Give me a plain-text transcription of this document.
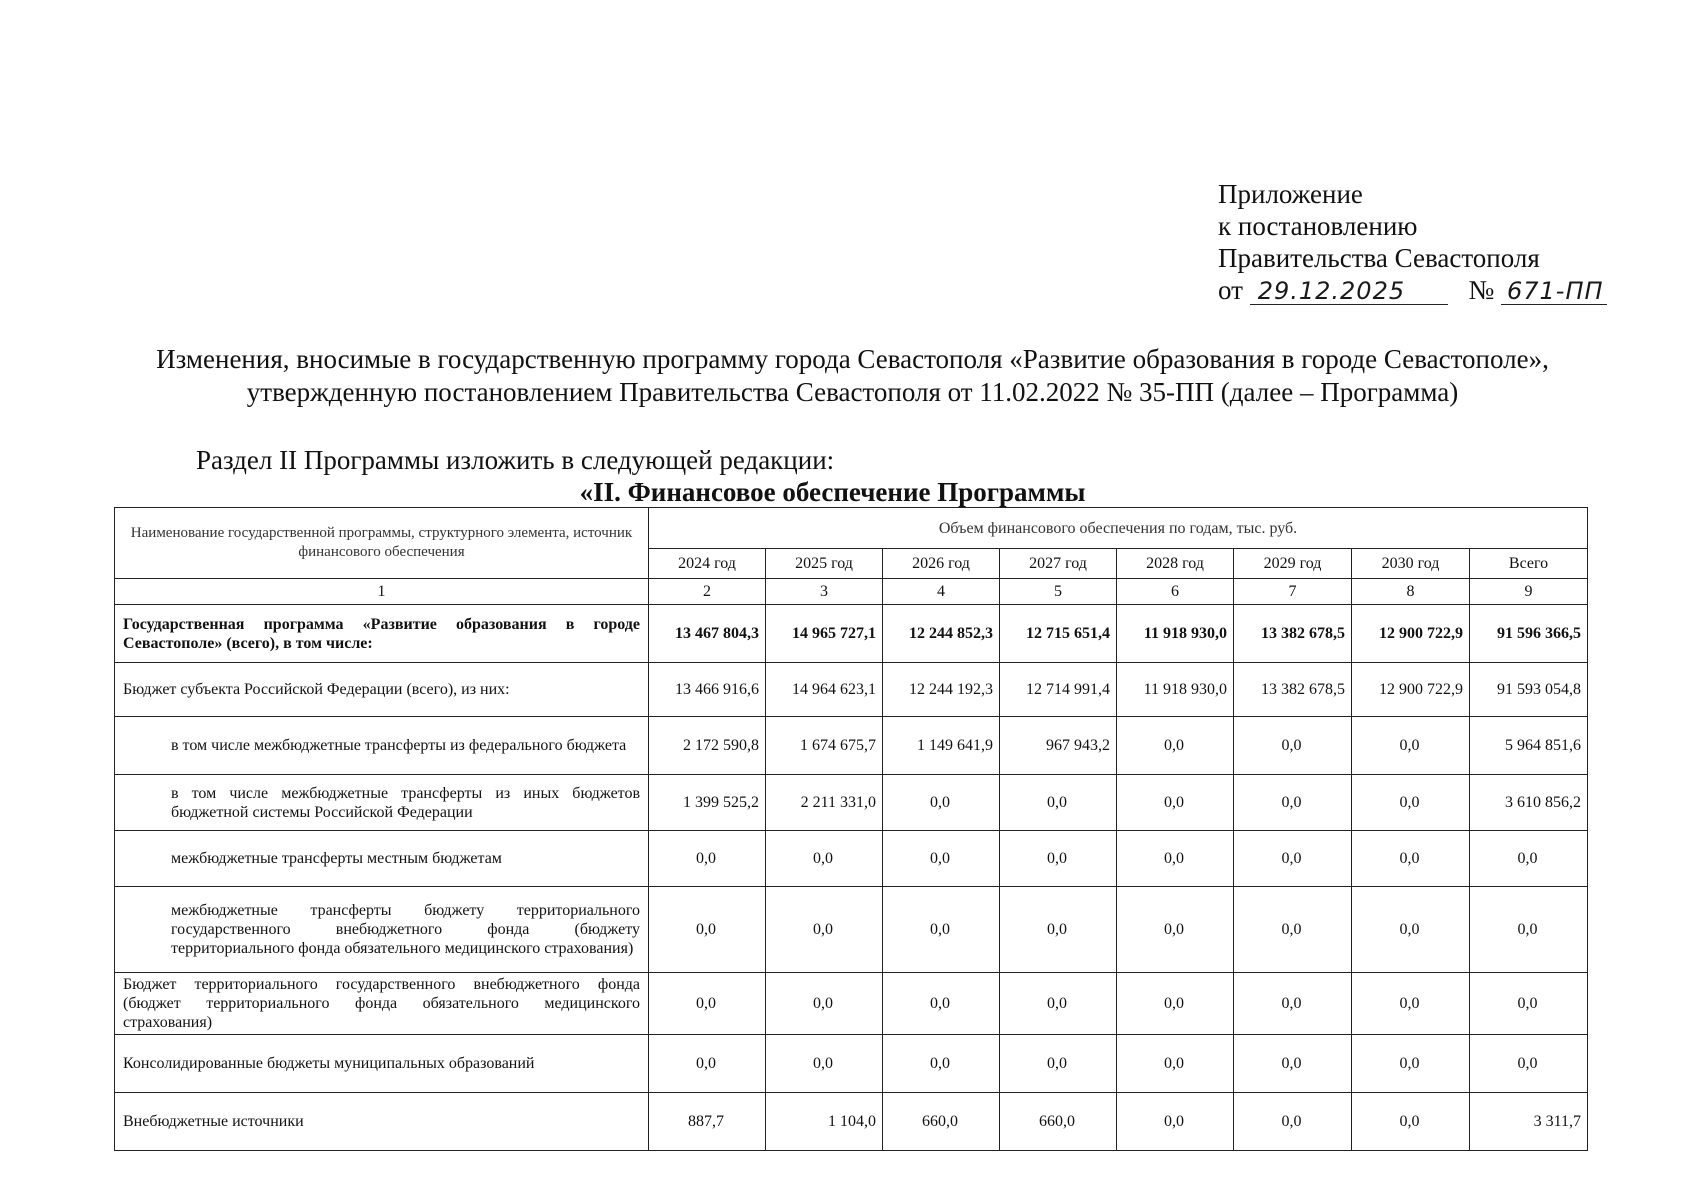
Приложение
к постановлению
Правительства Севастополя
от 29.12.2025 № 671-ПП
Изменения, вносимые в государственную программу города Севастополя «Развитие образования в городе Севастополе», утвержденную постановлением Правительства Севастополя от 11.02.2022 № 35-ПП (далее – Программа)
Раздел II Программы изложить в следующей редакции:
«II. Финансовое обеспечение Программы
Наименование государственной программы, структурного элемента, источник финансового обеспечения	Объем финансового обеспечения по годам, тыс. руб.							
	2024 год	2025 год	2026 год	2027 год	2028 год	2029 год	2030 год	Всего
1	2	3	4	5	6	7	8	9
Государственная программа «Развитие образования в городе Севастополе» (всего), в том числе:	13 467 804,3	14 965 727,1	12 244 852,3	12 715 651,4	11 918 930,0	13 382 678,5	12 900 722,9	91 596 366,5
Бюджет субъекта Российской Федерации (всего), из них:	13 466 916,6	14 964 623,1	12 244 192,3	12 714 991,4	11 918 930,0	13 382 678,5	12 900 722,9	91 593 054,8
в том числе межбюджетные трансферты из федерального бюджета	2 172 590,8	1 674 675,7	1 149 641,9	967 943,2	0,0	0,0	0,0	5 964 851,6
в том числе межбюджетные трансферты из иных бюджетов бюджетной системы Российской Федерации	1 399 525,2	2 211 331,0	0,0	0,0	0,0	0,0	0,0	3 610 856,2
межбюджетные трансферты местным бюджетам	0,0	0,0	0,0	0,0	0,0	0,0	0,0	0,0
межбюджетные трансферты бюджету территориального государственного внебюджетного фонда (бюджету территориального фонда обязательного медицинского страхования)	0,0	0,0	0,0	0,0	0,0	0,0	0,0	0,0
Бюджет территориального государственного внебюджетного фонда (бюджет территориального фонда обязательного медицинского страхования)	0,0	0,0	0,0	0,0	0,0	0,0	0,0	0,0
Консолидированные бюджеты муниципальных образований	0,0	0,0	0,0	0,0	0,0	0,0	0,0	0,0
Внебюджетные источники	887,7	1 104,0	660,0	660,0	0,0	0,0	0,0	3 311,7
